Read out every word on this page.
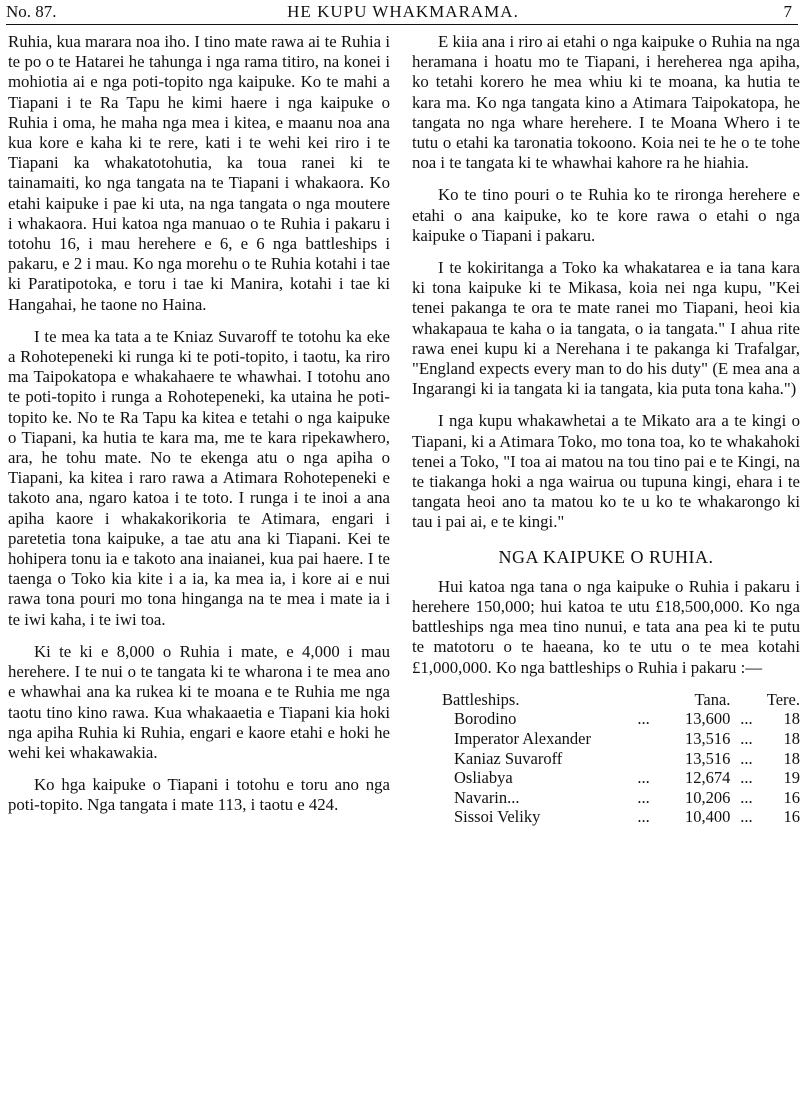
No. 87.	HE KUPU WHAKMARAMA.	7

Ruhia, kua marara noa iho. I tino mate rawa ai te Ruhia i te po o te Hatarei he tahunga i nga rama titiro, na konei i mohiotia ai e nga poti-topito nga kaipuke. Ko te mahi a Tiapani i te Ra Tapu he kimi haere i nga kaipuke o Ruhia i oma, he maha nga mea i kitea, e maanu noa ana kua kore e kaha ki te rere, kati i te wehi kei riro i te Tiapani ka whakatotohutia, ka toua ranei ki te tainamaiti, ko nga tangata na te Tiapani i whakaora. Ko etahi kaipuke i pae ki uta, na nga tangata o nga moutere i whakaora. Hui katoa nga manuao o te Ruhia i pakaru i totohu 16, i mau herehere e 6, e 6 nga battleships i pakaru, e 2 i mau. Ko nga morehu o te Ruhia kotahi i tae ki Paratipotoka, e toru i tae ki Manira, kotahi i tae ki Hangahai, he taone no Haina.

I te mea ka tata a te Kniaz Suvaroff te totohu ka eke a Rohotepeneki ki runga ki te poti-topito, i taotu, ka riro ma Taipokatopa e whakahaere te whawhai. I totohu ano te poti-topito i runga a Rohotepeneki, ka utaina he poti-topito ke. No te Ra Tapu ka kitea e tetahi o nga kaipuke o Tiapani, ka hutia te kara ma, me te kara ripekawhero, ara, he tohu mate. No te ekenga atu o nga apiha o Tiapani, ka kitea i raro rawa a Atimara Rohotepeneki e takoto ana, ngaro katoa i te toto. I runga i te inoi a ana apiha kaore i whakakorikoria te Atimara, engari i paretetia tona kaipuke, a tae atu ana ki Tiapani. Kei te hohipera tonu ia e takoto ana inaianei, kua pai haere. I te taenga o Toko kia kite i a ia, ka mea ia, i kore ai e nui rawa tona pouri mo tona hinganga na te mea i mate ia i te iwi kaha, i te iwi toa.

Ki te ki e 8,000 o Ruhia i mate, e 4,000 i mau herehere. I te nui o te tangata ki te wharona i te mea ano e whawhai ana ka rukea ki te moana e te Ruhia me nga taotu tino kino rawa. Kua whakaaetia e Tiapani kia hoki nga apiha Ruhia ki Ruhia, engari e kaore etahi e hoki he wehi kei whakawakia.

Ko hga kaipuke o Tiapani i totohu e toru ano nga poti-topito. Nga tangata i mate 113, i taotu e 424.

E kiia ana i riro ai etahi o nga kaipuke o Ruhia na nga heramana i hoatu mo te Tiapani, i hereherea nga apiha, ko tetahi korero he mea whiu ki te moana, ka hutia te kara ma. Ko nga tangata kino a Atimara Taipokatopa, he tangata no nga whare herehere. I te Moana Whero i te tutu o etahi ka taronatia tokoono. Koia nei te he o te tohe noa i te tangata ki te whawhai kahore ra he hiahia.

Ko te tino pouri o te Ruhia ko te rironga herehere e etahi o ana kaipuke, ko te kore rawa o etahi o nga kaipuke o Tiapani i pakaru.

I te kokiritanga a Toko ka whakatarea e ia tana kara ki tona kaipuke ki te Mikasa, koia nei nga kupu, "Kei tenei pakanga te ora te mate ranei mo Tiapani, heoi kia whakapaua te kaha o ia tangata, o ia tangata." I ahua rite rawa enei kupu ki a Nerehana i te pakanga ki Trafalgar, "England expects every man to do his duty" (E mea ana a Ingarangi ki ia tangata ki ia tangata, kia puta tona kaha.")

I nga kupu whakawhetai a te Mikato ara a te kingi o Tiapani, ki a Atimara Toko, mo tona toa, ko te whakahoki tenei a Toko, "I toa ai matou na tou tino pai e te Kingi, na te tiakanga hoki a nga wairua ou tupuna kingi, ehara i te tangata heoi ano ta matou ko te u ko te whakarongo ki tau i pai ai, e te kingi."

NGA KAIPUKE O RUHIA.

Hui katoa nga tana o nga kaipuke o Ruhia i pakaru i herehere 150,000; hui katoa te utu £18,500,000. Ko nga battleships nga mea tino nunui, e tata ana pea ki te putu te matotoru o te haeana, ko te utu o te mea kotahi £1,000,000. Ko nga battleships o Ruhia i pakaru :—

Battleships.		Tana.		Tere.
Borodino	...	13,600	...	18
Imperator Alexander		13,516	...	18
Kaniaz Suvaroff		13,516	...	18
Osliabya	...	12,674	...	19
Navarin...	...	10,206	...	16
Sissoi Veliky	...	10,400	...	16
